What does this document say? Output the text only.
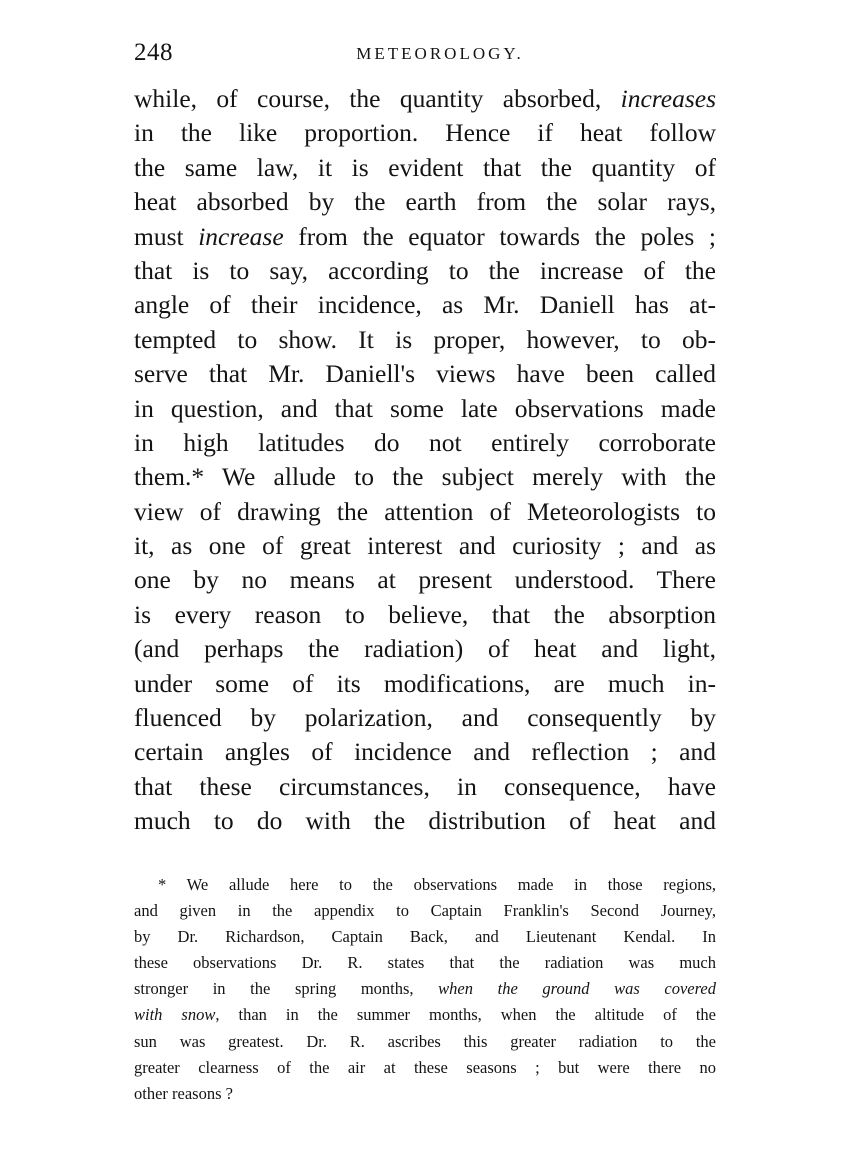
248	METEOROLOGY.
while, of course, the quantity absorbed, increases
in the like proportion. Hence if heat follow
the same law, it is evident that the quantity of
heat absorbed by the earth from the solar rays,
must increase from the equator towards the poles ;
that is to say, according to the increase of the
angle of their incidence, as Mr. Daniell has at-
tempted to show. It is proper, however, to ob-
serve that Mr. Daniell's views have been called
in question, and that some late observations made
in high latitudes do not entirely corroborate
them.* We allude to the subject merely with the
view of drawing the attention of Meteorologists to
it, as one of great interest and curiosity ; and as
one by no means at present understood. There
is every reason to believe, that the absorption
(and perhaps the radiation) of heat and light,
under some of its modifications, are much in-
fluenced by polarization, and consequently by
certain angles of incidence and reflection ; and
that these circumstances, in consequence, have
much to do with the distribution of heat and
* We allude here to the observations made in those regions,
and given in the appendix to Captain Franklin's Second Journey,
by Dr. Richardson, Captain Back, and Lieutenant Kendal. In
these observations Dr. R. states that the radiation was much
stronger in the spring months, when the ground was covered
with snow, than in the summer months, when the altitude of the
sun was greatest. Dr. R. ascribes this greater radiation to the
greater clearness of the air at these seasons ; but were there no
other reasons ?
